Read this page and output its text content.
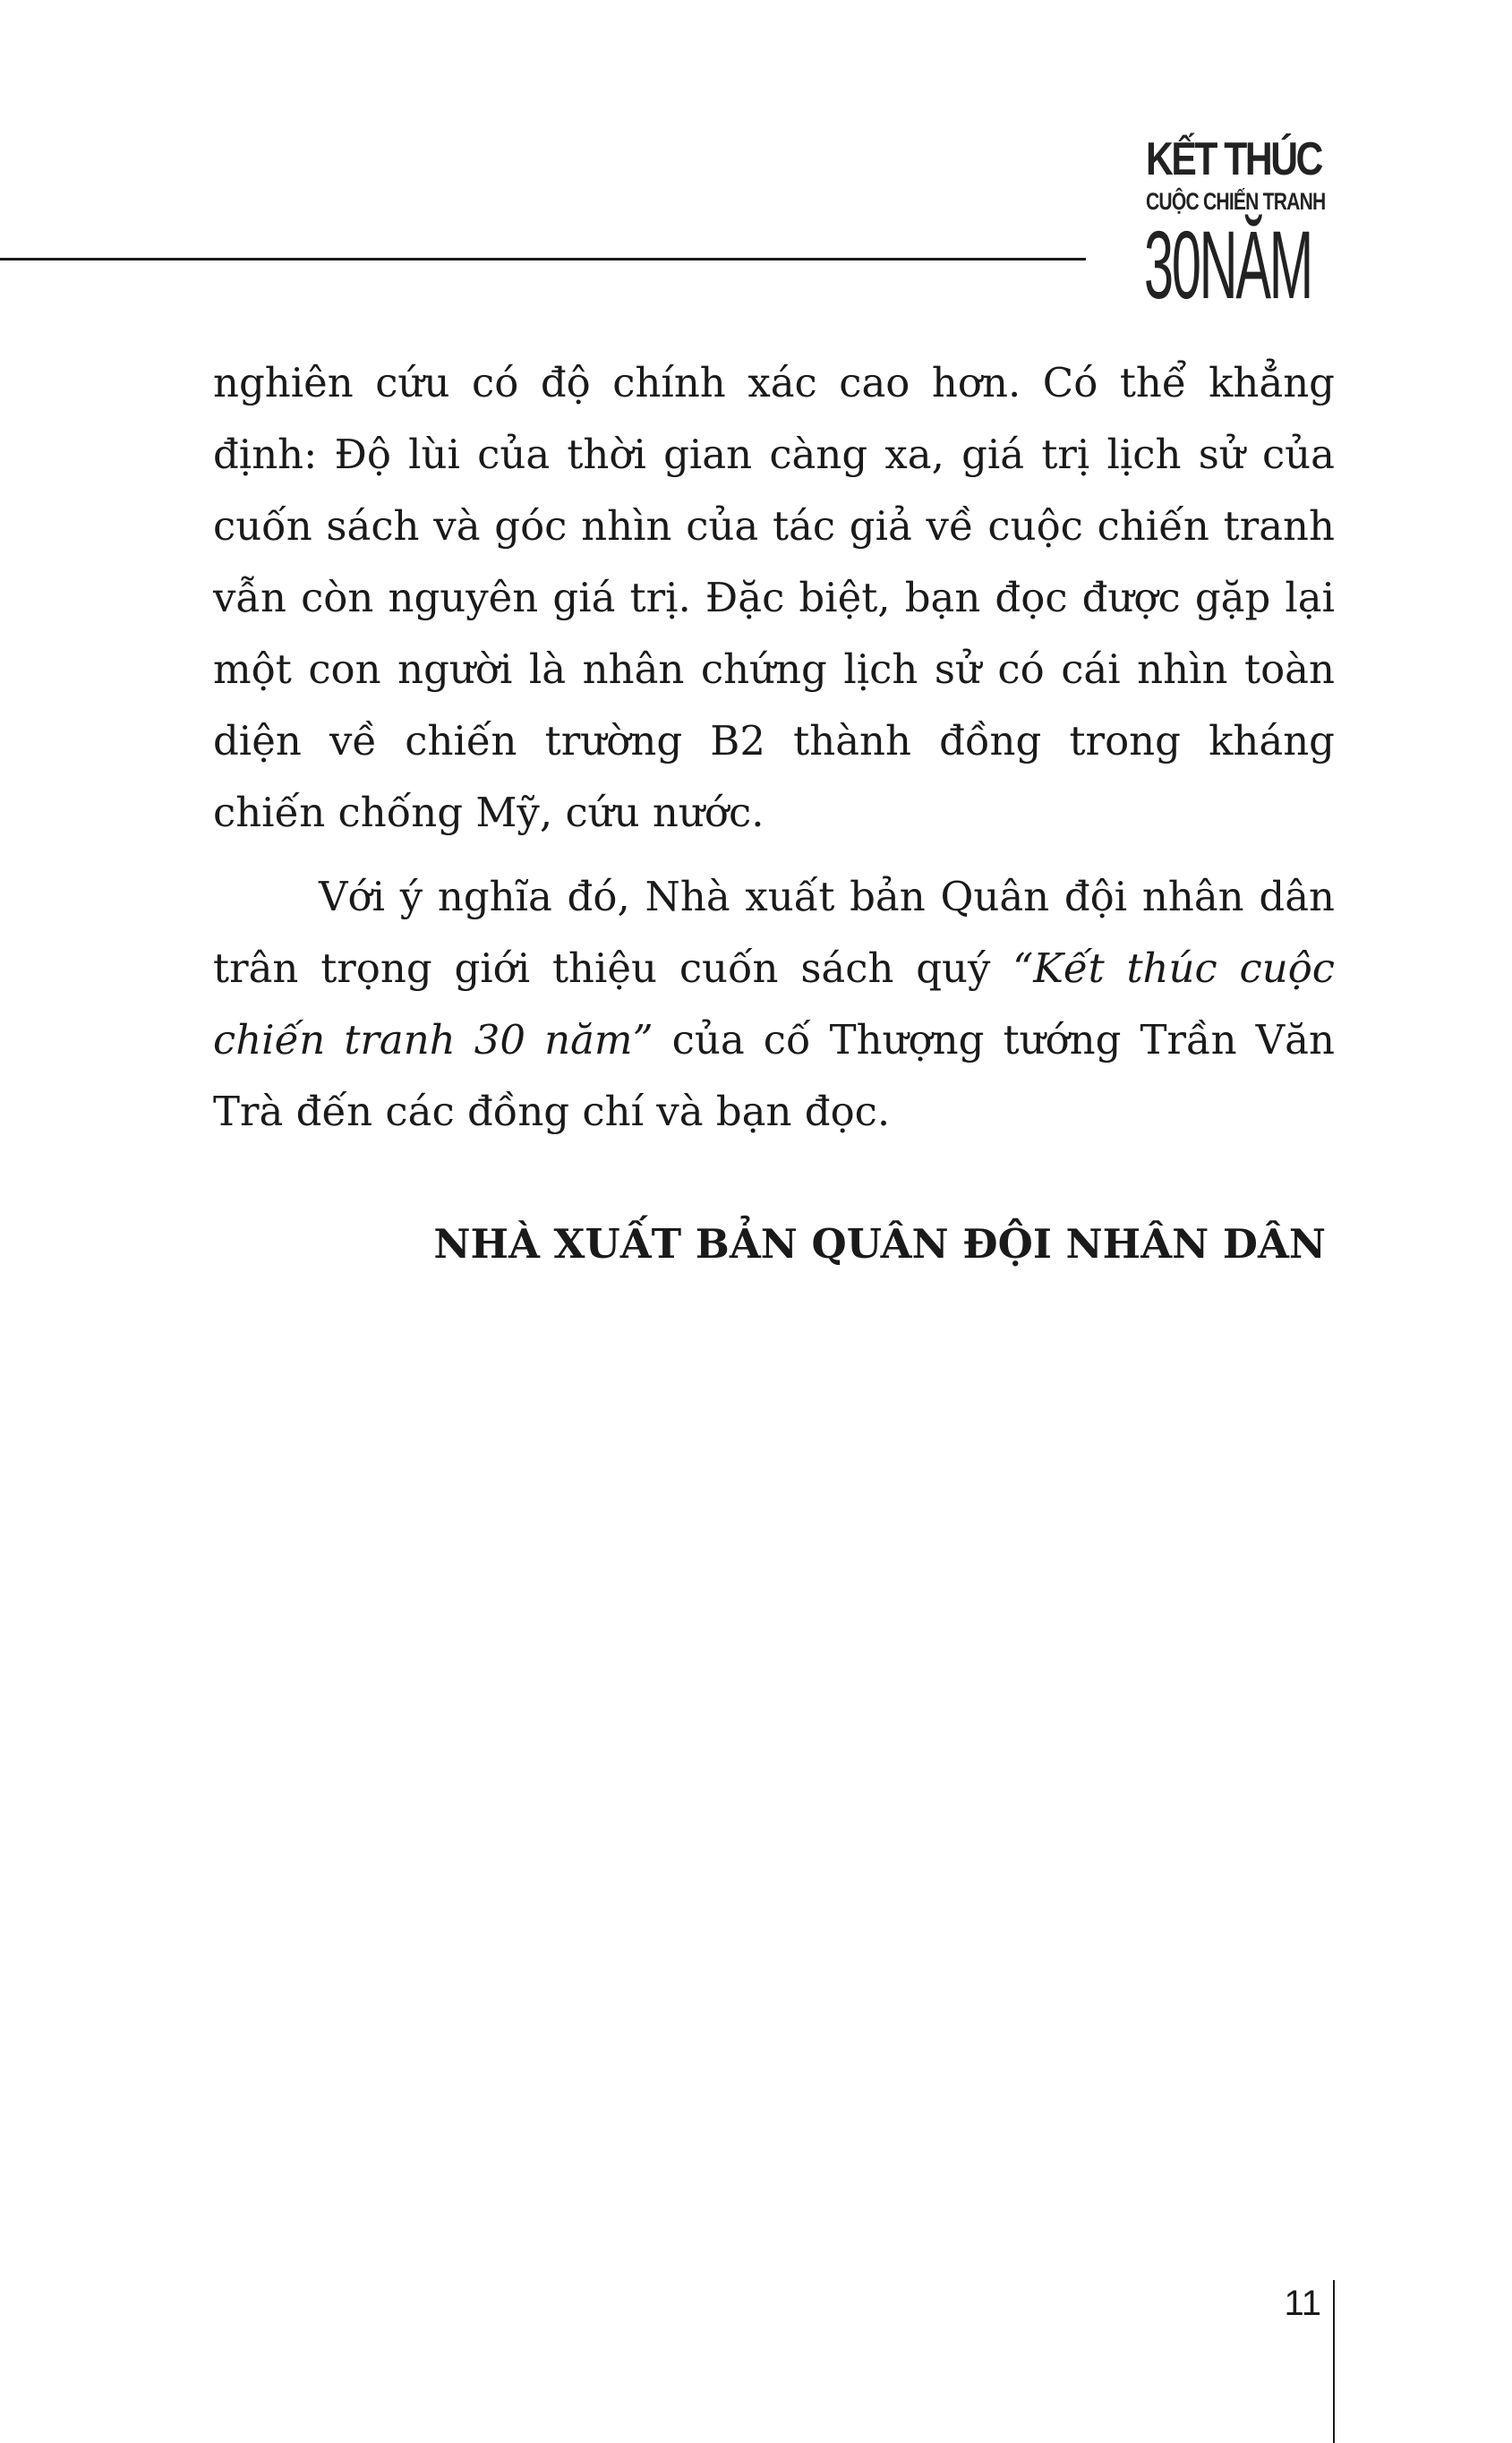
KẾT THÚC
CUỘC CHIẾN TRANH
30NĂM

nghiên cứu có độ chính xác cao hơn. Có thể khẳng định: Độ lùi của thời gian càng xa, giá trị lịch sử của cuốn sách và góc nhìn của tác giả về cuộc chiến tranh vẫn còn nguyên giá trị. Đặc biệt, bạn đọc được gặp lại một con người là nhân chứng lịch sử có cái nhìn toàn diện về chiến trường B2 thành đồng trong kháng chiến chống Mỹ, cứu nước.

Với ý nghĩa đó, Nhà xuất bản Quân đội nhân dân trân trọng giới thiệu cuốn sách quý “Kết thúc cuộc chiến tranh 30 năm” của cố Thượng tướng Trần Văn Trà đến các đồng chí và bạn đọc.

NHÀ XUẤT BẢN QUÂN ĐỘI NHÂN DÂN
11
